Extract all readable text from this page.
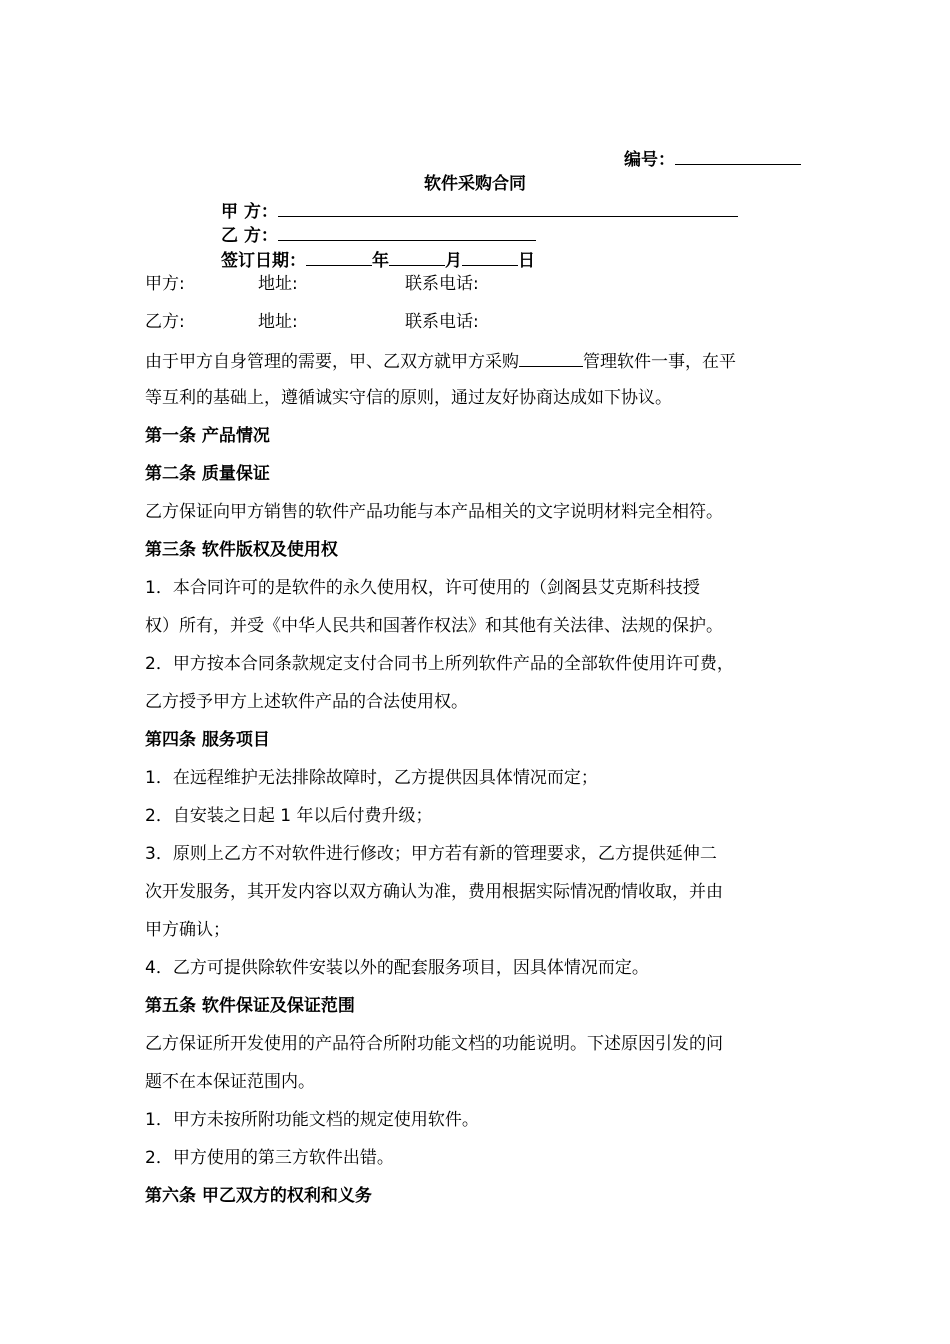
编号：
软件采购合同
甲 方：
乙 方：
签订日期：	年	月	日
甲方:	地址:	联系电话:
乙方:	地址:	联系电话:
由于甲方自身管理的需要，甲、乙双方就甲方采购	管理软件一事，在平
等互利的基础上，遵循诚实守信的原则，通过友好协商达成如下协议。
第一条 产品情况
第二条 质量保证
乙方保证向甲方销售的软件产品功能与本产品相关的文字说明材料完全相符。
第三条 软件版权及使用权
1．本合同许可的是软件的永久使用权，许可使用的（剑阁县艾克斯科技授
权）所有，并受《中华人民共和国著作权法》和其他有关法律、法规的保护。
2．甲方按本合同条款规定支付合同书上所列软件产品的全部软件使用许可费，
乙方授予甲方上述软件产品的合法使用权。
第四条 服务项目
1．在远程维护无法排除故障时，乙方提供因具体情况而定；
2．自安装之日起 1 年以后付费升级；
3．原则上乙方不对软件进行修改；甲方若有新的管理要求，乙方提供延伸二
次开发服务，其开发内容以双方确认为准，费用根据实际情况酌情收取，并由
甲方确认；
4．乙方可提供除软件安装以外的配套服务项目，因具体情况而定。
第五条 软件保证及保证范围
乙方保证所开发使用的产品符合所附功能文档的功能说明。下述原因引发的问
题不在本保证范围内。
1．甲方未按所附功能文档的规定使用软件。
2．甲方使用的第三方软件出错。
第六条 甲乙双方的权利和义务
